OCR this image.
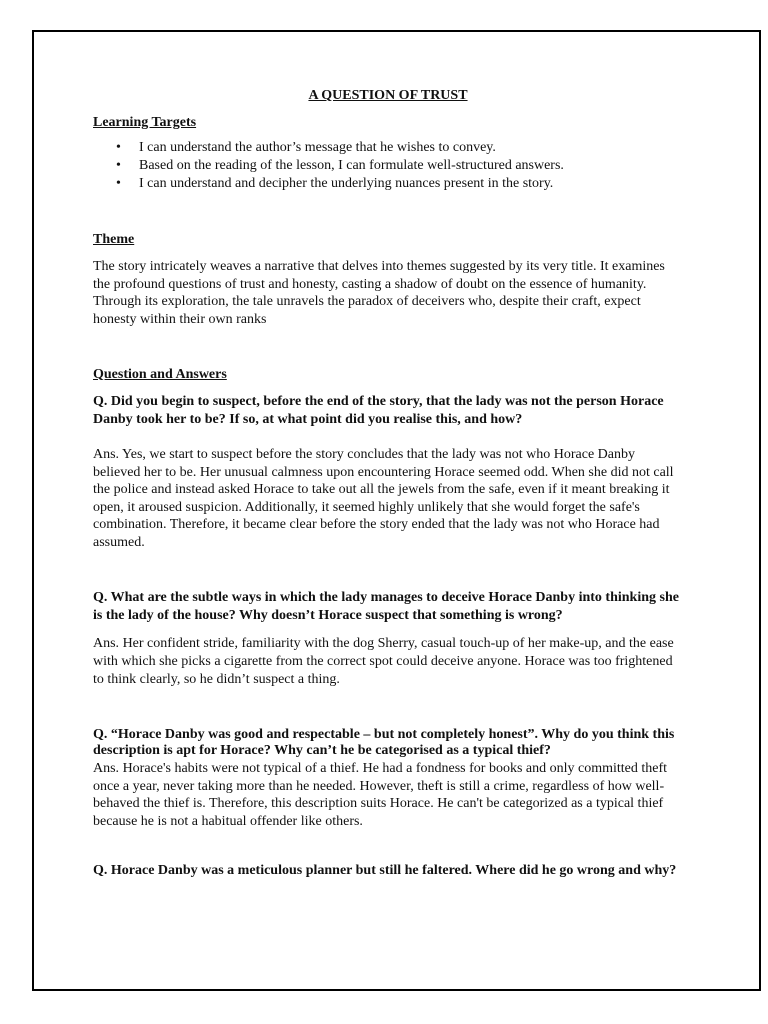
A QUESTION OF TRUST

Learning Targets

• I can understand the author’s message that he wishes to convey.
• Based on the reading of the lesson, I can formulate well-structured answers.
• I can understand and decipher the underlying nuances present in the story.

Theme

The story intricately weaves a narrative that delves into themes suggested by its very title. It examines the profound questions of trust and honesty, casting a shadow of doubt on the essence of humanity. Through its exploration, the tale unravels the paradox of deceivers who, despite their craft, expect honesty within their own ranks

Question and Answers

Q. Did you begin to suspect, before the end of the story, that the lady was not the person Horace Danby took her to be? If so, at what point did you realise this, and how?

Ans. Yes, we start to suspect before the story concludes that the lady was not who Horace Danby believed her to be. Her unusual calmness upon encountering Horace seemed odd. When she did not call the police and instead asked Horace to take out all the jewels from the safe, even if it meant breaking it open, it aroused suspicion. Additionally, it seemed highly unlikely that she would forget the safe's combination. Therefore, it became clear before the story ended that the lady was not who Horace had assumed.

Q. What are the subtle ways in which the lady manages to deceive Horace Danby into thinking she is the lady of the house? Why doesn’t Horace suspect that something is wrong?

Ans. Her confident stride, familiarity with the dog Sherry, casual touch-up of her make-up, and the ease with which she picks a cigarette from the correct spot could deceive anyone. Horace was too frightened to think clearly, so he didn’t suspect a thing.

Q. “Horace Danby was good and respectable – but not completely honest”. Why do you think this description is apt for Horace? Why can’t he be categorised as a typical thief?

Ans. Horace's habits were not typical of a thief. He had a fondness for books and only committed theft once a year, never taking more than he needed. However, theft is still a crime, regardless of how well-behaved the thief is. Therefore, this description suits Horace. He can't be categorized as a typical thief because he is not a habitual offender like others.

Q. Horace Danby was a meticulous planner but still he faltered. Where did he go wrong and why?
